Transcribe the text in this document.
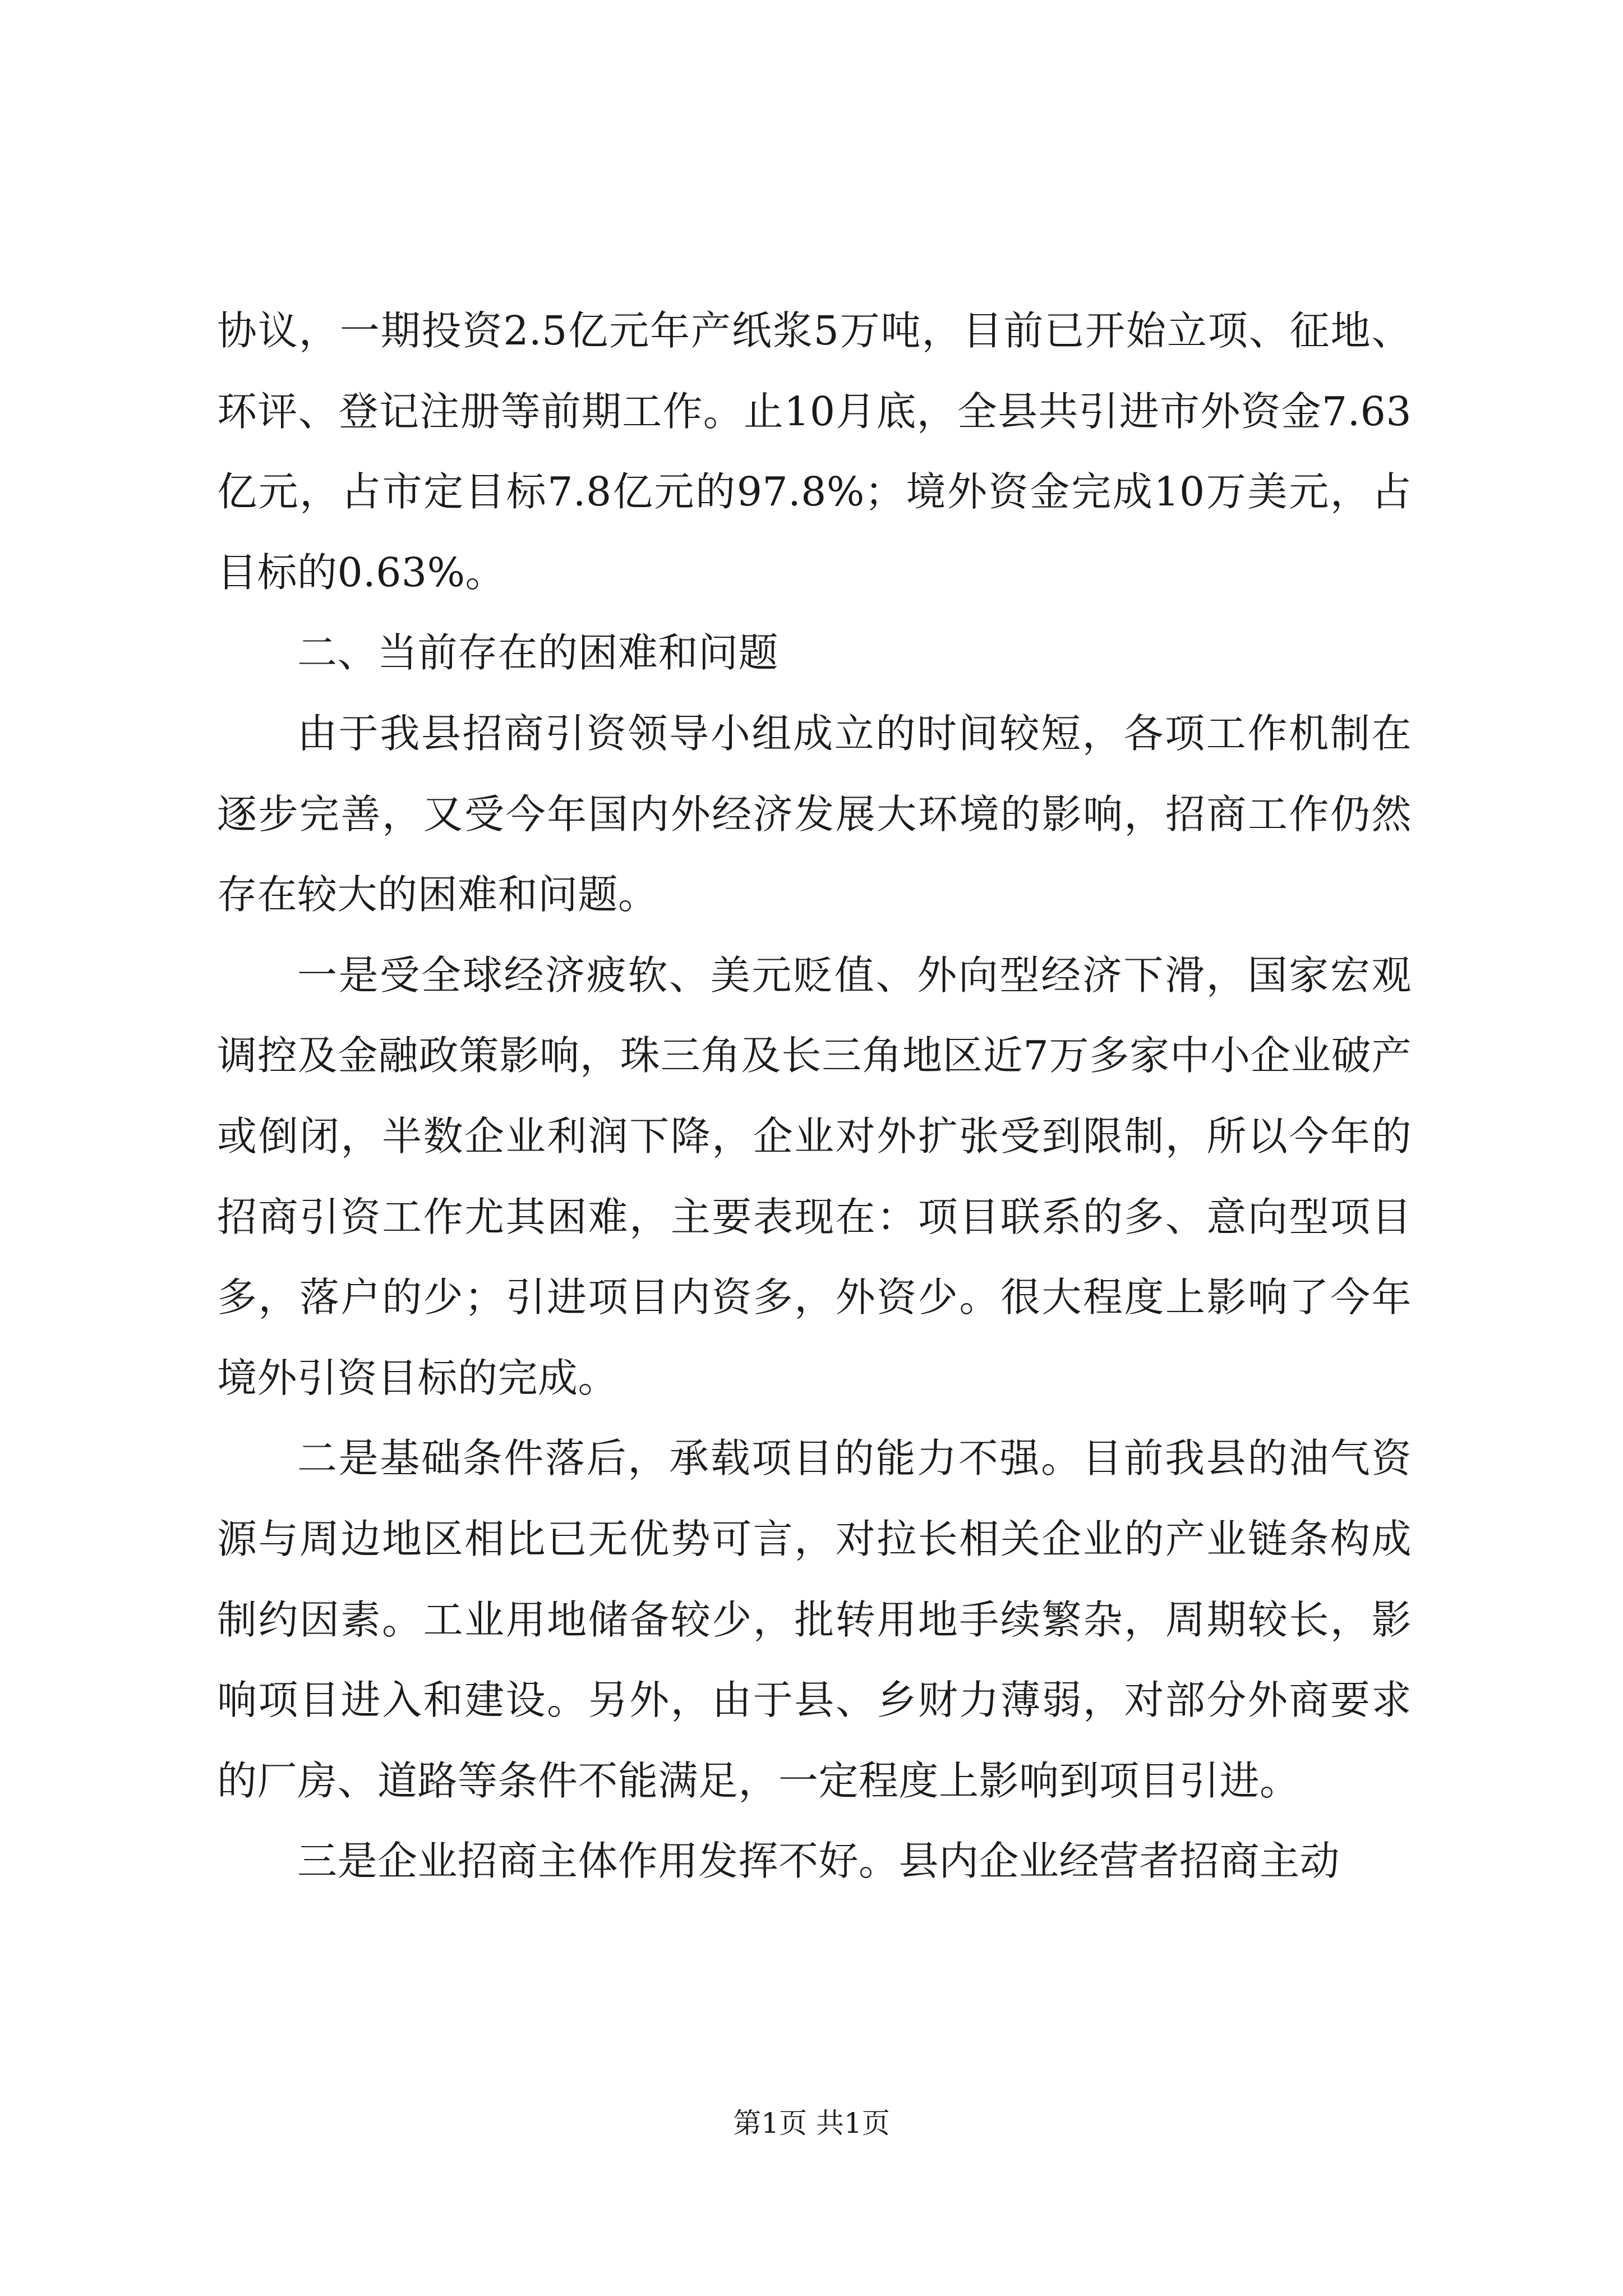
协议，一期投资2.5亿元年产纸浆5万吨，目前已开始立项、征地、环评、登记注册等前期工作。止10月底，全县共引进市外资金7.63亿元，占市定目标7.8亿元的97.8%；境外资金完成10万美元，占目标的0.63%。

二、当前存在的困难和问题

由于我县招商引资领导小组成立的时间较短，各项工作机制在逐步完善，又受今年国内外经济发展大环境的影响，招商工作仍然存在较大的困难和问题。

一是受全球经济疲软、美元贬值、外向型经济下滑，国家宏观调控及金融政策影响，珠三角及长三角地区近7万多家中小企业破产或倒闭，半数企业利润下降，企业对外扩张受到限制，所以今年的招商引资工作尤其困难，主要表现在：项目联系的多、意向型项目多，落户的少；引进项目内资多，外资少。很大程度上影响了今年境外引资目标的完成。

二是基础条件落后，承载项目的能力不强。目前我县的油气资源与周边地区相比已无优势可言，对拉长相关企业的产业链条构成制约因素。工业用地储备较少，批转用地手续繁杂，周期较长，影响项目进入和建设。另外，由于县、乡财力薄弱，对部分外商要求的厂房、道路等条件不能满足，一定程度上影响到项目引进。

三是企业招商主体作用发挥不好。县内企业经营者招商主动

第1页 共1页
